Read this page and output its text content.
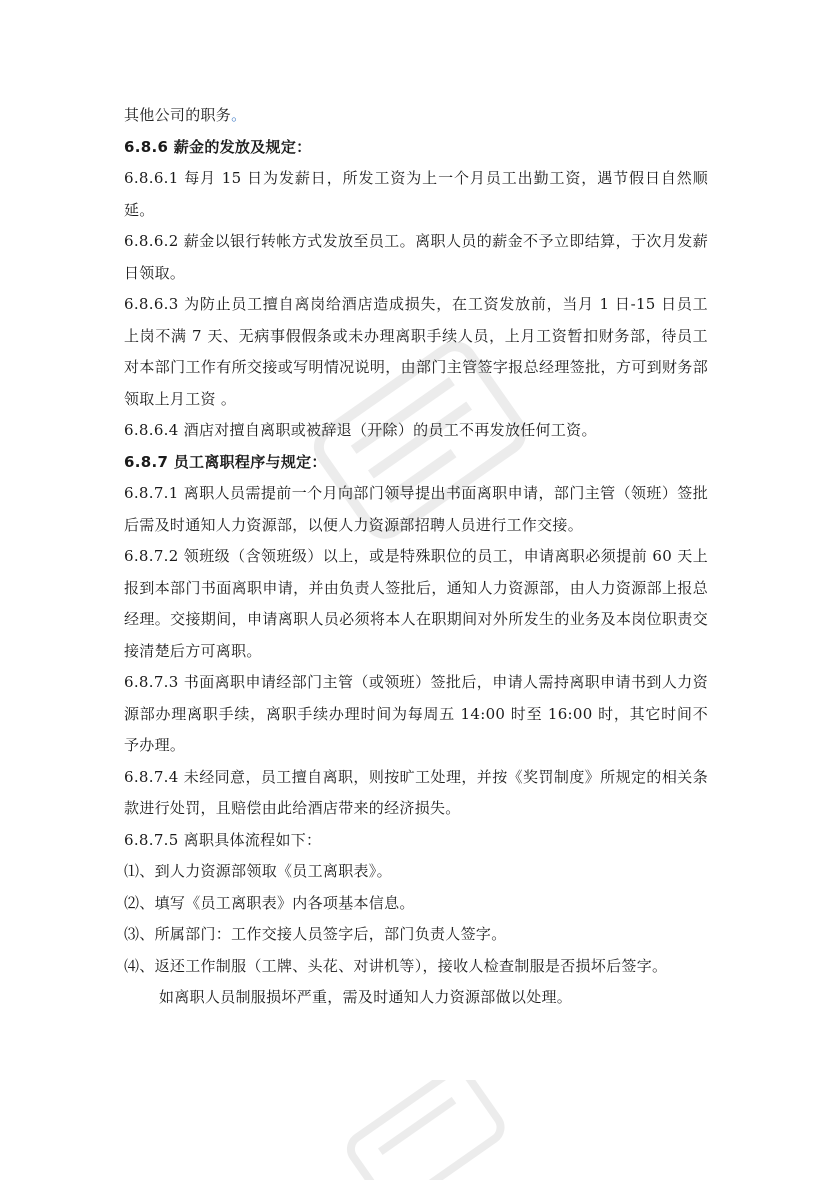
其他公司的职务。

6.8.6 薪金的发放及规定：

6.8.6.1 每月 15 日为发薪日，所发工资为上一个月员工出勤工资，遇节假日自然顺延。

6.8.6.2 薪金以银行转帐方式发放至员工。离职人员的薪金不予立即结算，于次月发薪日领取。

6.8.6.3 为防止员工擅自离岗给酒店造成损失，在工资发放前，当月 1 日-15 日员工上岗不满 7 天、无病事假假条或未办理离职手续人员，上月工资暂扣财务部，待员工对本部门工作有所交接或写明情况说明，由部门主管签字报总经理签批，方可到财务部领取上月工资 。

6.8.6.4 酒店对擅自离职或被辞退（开除）的员工不再发放任何工资。

6.8.7 员工离职程序与规定：

6.8.7.1 离职人员需提前一个月向部门领导提出书面离职申请，部门主管（领班）签批后需及时通知人力资源部，以便人力资源部招聘人员进行工作交接。

6.8.7.2 领班级（含领班级）以上，或是特殊职位的员工，申请离职必须提前 60 天上报到本部门书面离职申请，并由负责人签批后，通知人力资源部，由人力资源部上报总经理。交接期间，申请离职人员必须将本人在职期间对外所发生的业务及本岗位职责交接清楚后方可离职。

6.8.7.3 书面离职申请经部门主管（或领班）签批后，申请人需持离职申请书到人力资源部办理离职手续，离职手续办理时间为每周五 14:00 时至 16:00 时，其它时间不予办理。

6.8.7.4 未经同意，员工擅自离职，则按旷工处理，并按《奖罚制度》所规定的相关条款进行处罚，且赔偿由此给酒店带来的经济损失。

6.8.7.5 离职具体流程如下：

⑴、到人力资源部领取《员工离职表》。

⑵、填写《员工离职表》内各项基本信息。

⑶、所属部门：工作交接人员签字后，部门负责人签字。

⑷、返还工作制服（工牌、头花、对讲机等），接收人检查制服是否损坏后签字。

如离职人员制服损坏严重，需及时通知人力资源部做以处理。
